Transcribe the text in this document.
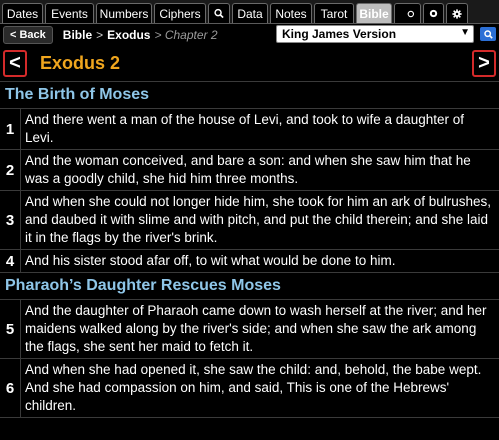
Dates	Events Numbers Ciphers	Data	Notes	Tarot Bible
< Back	Bible > Exodus > Chapter 2	King James Version	▼
<	Exodus 2	>
The Birth of Moses
1
And there went a man of the house of Levi, and took to wife a daughter of Levi.
2
And the woman conceived, and bare a son: and when she saw him that he was a goodly child, she hid him three months.
3
And when she could not longer hide him, she took for him an ark of bulrushes, and daubed it with slime and with pitch, and put the child therein; and she laid it in the flags by the river's brink.
4 And his sister stood afar off, to wit what would be done to him.
Pharaoh’s Daughter Rescues Moses
5
And the daughter of Pharaoh came down to wash herself at the river; and her maidens walked along by the river's side; and when she saw the ark among the flags, she sent her maid to fetch it.
6
And when she had opened it, she saw the child: and, behold, the babe wept. And she had compassion on him, and said, This is one of the Hebrews' children.
